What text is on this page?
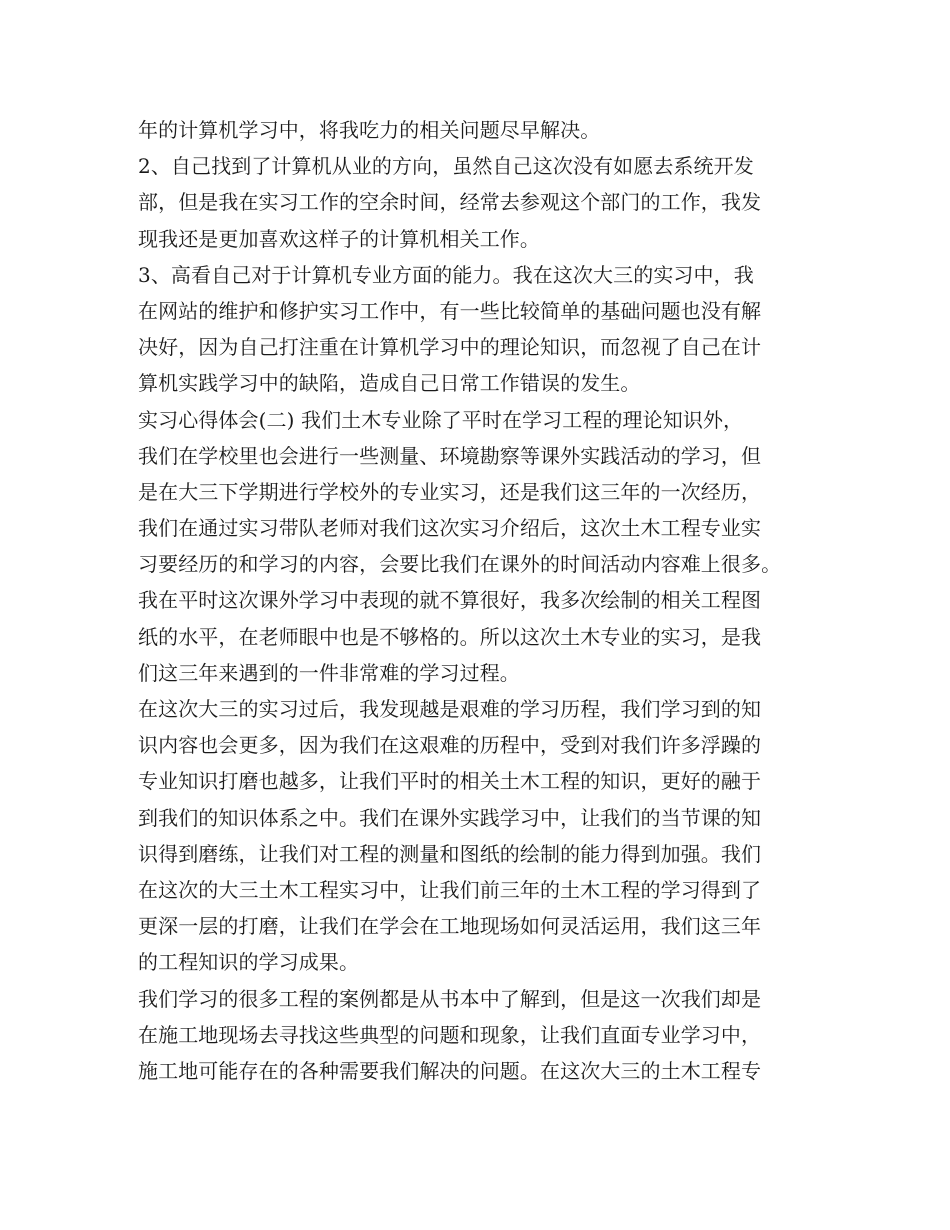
年的计算机学习中，将我吃力的相关问题尽早解决。
2、自己找到了计算机从业的方向，虽然自己这次没有如愿去系统开发
部，但是我在实习工作的空余时间，经常去参观这个部门的工作，我发
现我还是更加喜欢这样子的计算机相关工作。
3、高看自己对于计算机专业方面的能力。我在这次大三的实习中，我
在网站的维护和修护实习工作中，有一些比较简单的基础问题也没有解
决好，因为自己打注重在计算机学习中的理论知识，而忽视了自己在计
算机实践学习中的缺陷，造成自己日常工作错误的发生。
实习心得体会(二) 我们土木专业除了平时在学习工程的理论知识外，
我们在学校里也会进行一些测量、环境勘察等课外实践活动的学习，但
是在大三下学期进行学校外的专业实习，还是我们这三年的一次经历，
我们在通过实习带队老师对我们这次实习介绍后，这次土木工程专业实
习要经历的和学习的内容，会要比我们在课外的时间活动内容难上很多。
我在平时这次课外学习中表现的就不算很好，我多次绘制的相关工程图
纸的水平，在老师眼中也是不够格的。所以这次土木专业的实习，是我
们这三年来遇到的一件非常难的学习过程。
在这次大三的实习过后，我发现越是艰难的学习历程，我们学习到的知
识内容也会更多，因为我们在这艰难的历程中，受到对我们许多浮躁的
专业知识打磨也越多，让我们平时的相关土木工程的知识，更好的融于
到我们的知识体系之中。我们在课外实践学习中，让我们的当节课的知
识得到磨练，让我们对工程的测量和图纸的绘制的能力得到加强。我们
在这次的大三土木工程实习中，让我们前三年的土木工程的学习得到了
更深一层的打磨，让我们在学会在工地现场如何灵活运用，我们这三年
的工程知识的学习成果。
我们学习的很多工程的案例都是从书本中了解到，但是这一次我们却是
在施工地现场去寻找这些典型的问题和现象，让我们直面专业学习中，
施工地可能存在的各种需要我们解决的问题。在这次大三的土木工程专
